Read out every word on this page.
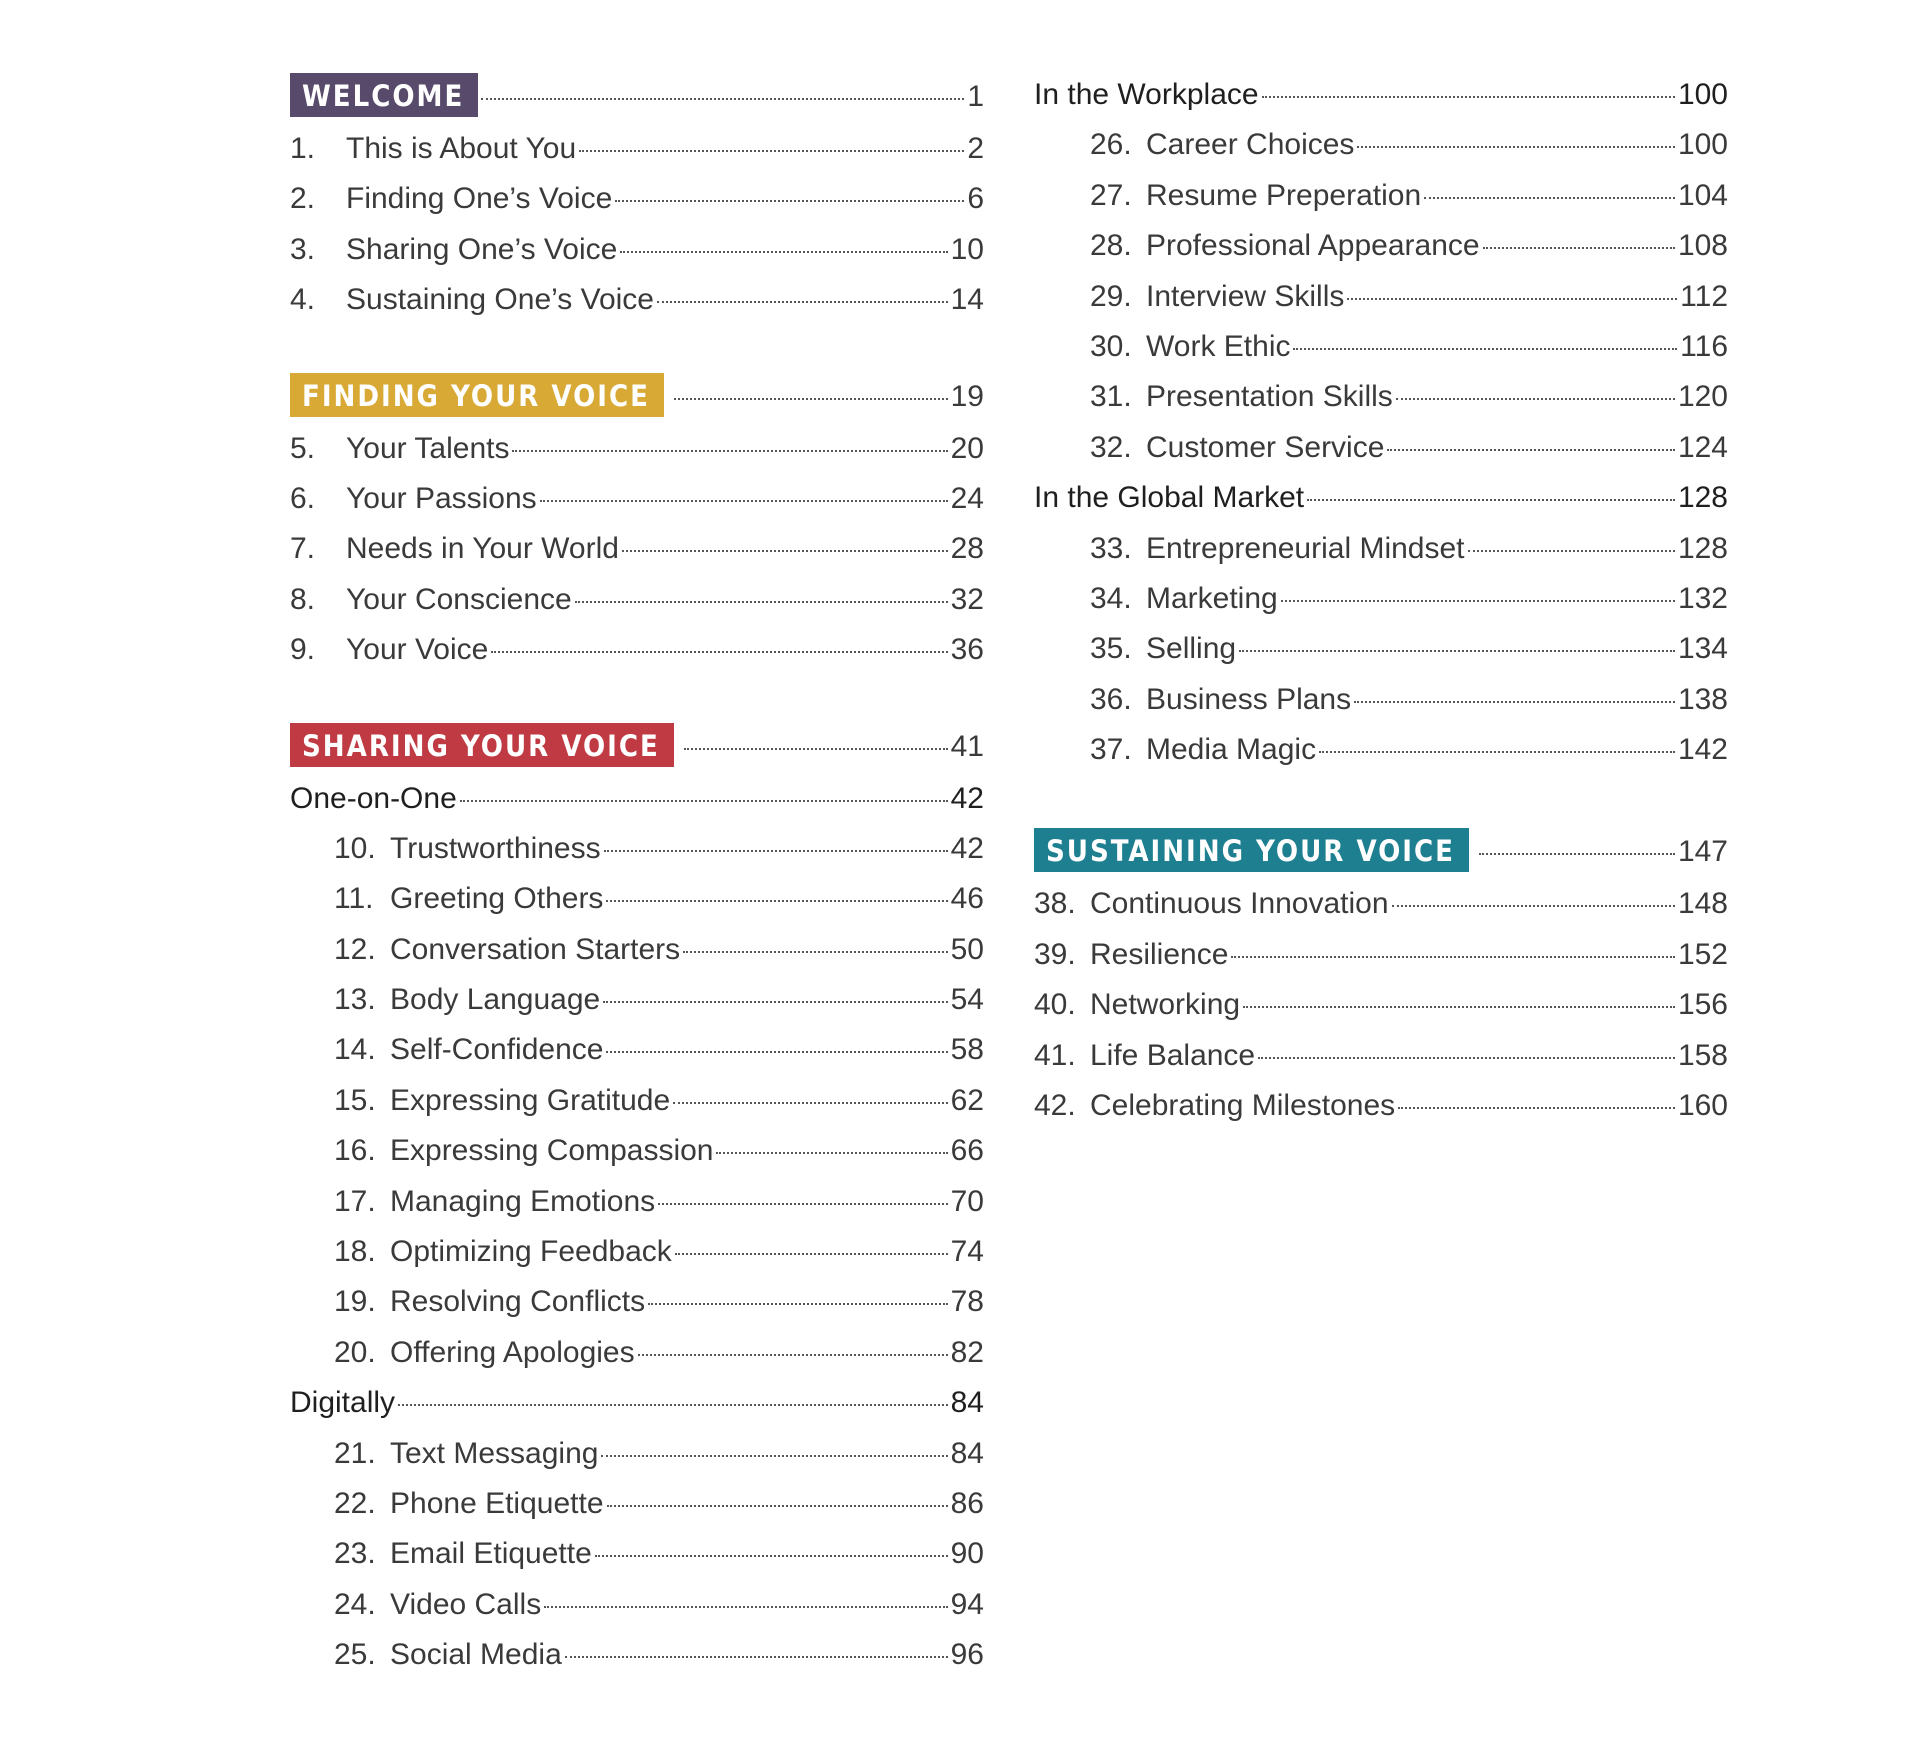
WELCOME	1
1.	This is About You	2
2.	Finding One’s Voice	6
3.	Sharing One’s Voice	10
4.	Sustaining One’s Voice	14
FINDING YOUR VOICE	19
5.	Your Talents	20
6.	Your Passions	24
7.	Needs in Your World	28
8.	Your Conscience	32
9.	Your Voice	36
SHARING YOUR VOICE	41
One-on-One	42
10. Trustworthiness	42
11. Greeting Others	46
12. Conversation Starters	50
13. Body Language	54
14. Self-Confidence	58
15. Expressing Gratitude	62
16. Expressing Compassion	66
17. Managing Emotions	70
18. Optimizing Feedback	74
19. Resolving Conflicts	78
20. Offering Apologies	82
Digitally	84
21. Text Messaging	84
22. Phone Etiquette	86
23. Email Etiquette	90
24. Video Calls	94
25. Social Media	96
In the Workplace	100
26. Career Choices	100
27. Resume Preperation	104
28. Professional Appearance	108
29. Interview Skills	112
30. Work Ethic	116
31. Presentation Skills	120
32. Customer Service	124
In the Global Market	128
33. Entrepreneurial Mindset	128
34. Marketing	132
35. Selling	134
36. Business Plans	138
37. Media Magic	142
SUSTAINING YOUR VOICE	147
38. Continuous Innovation	148
39. Resilience	152
40. Networking	156
41. Life Balance	158
42. Celebrating Milestones	160
